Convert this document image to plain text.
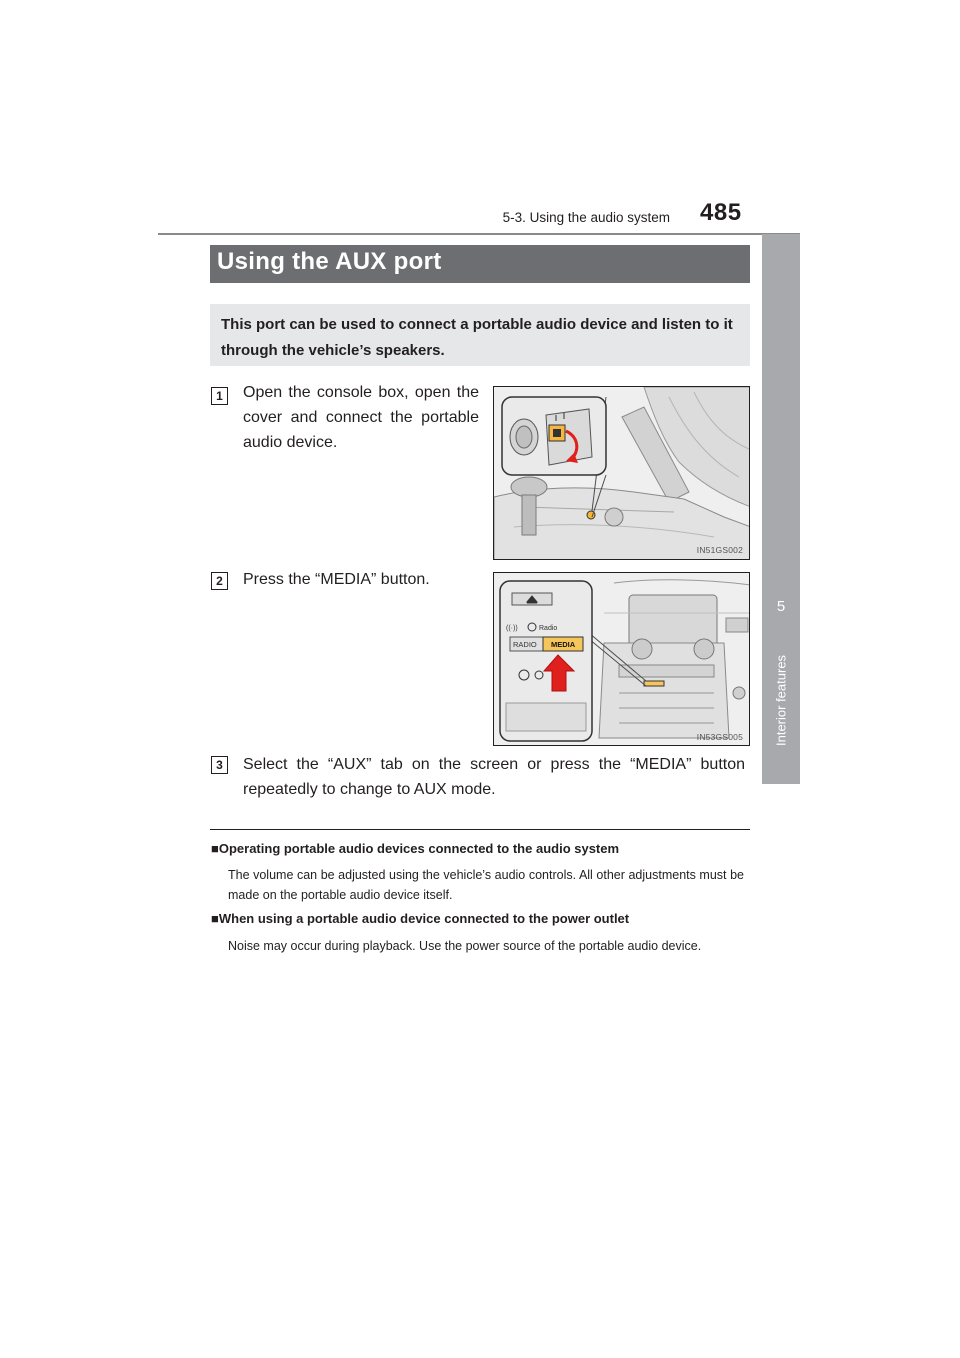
5-3. Using the audio system 485
5
Interior features
Using the AUX port
This port can be used to connect a portable audio device and listen to it through the vehicle’s speakers.
1	Open the console box, open the cover and connect the portable audio device.
IN51GS002
2	Press the “MEDIA” button.
((·))	Radio
RADIO MEDIA
IN53GS005
3	Select the “AUX” tab on the screen or press the “MEDIA” button repeatedly to change to AUX mode.
■Operating portable audio devices connected to the audio system
The volume can be adjusted using the vehicle’s audio controls. All other adjustments must be made on the portable audio device itself.
■When using a portable audio device connected to the power outlet
Noise may occur during playback. Use the power source of the portable audio device.
